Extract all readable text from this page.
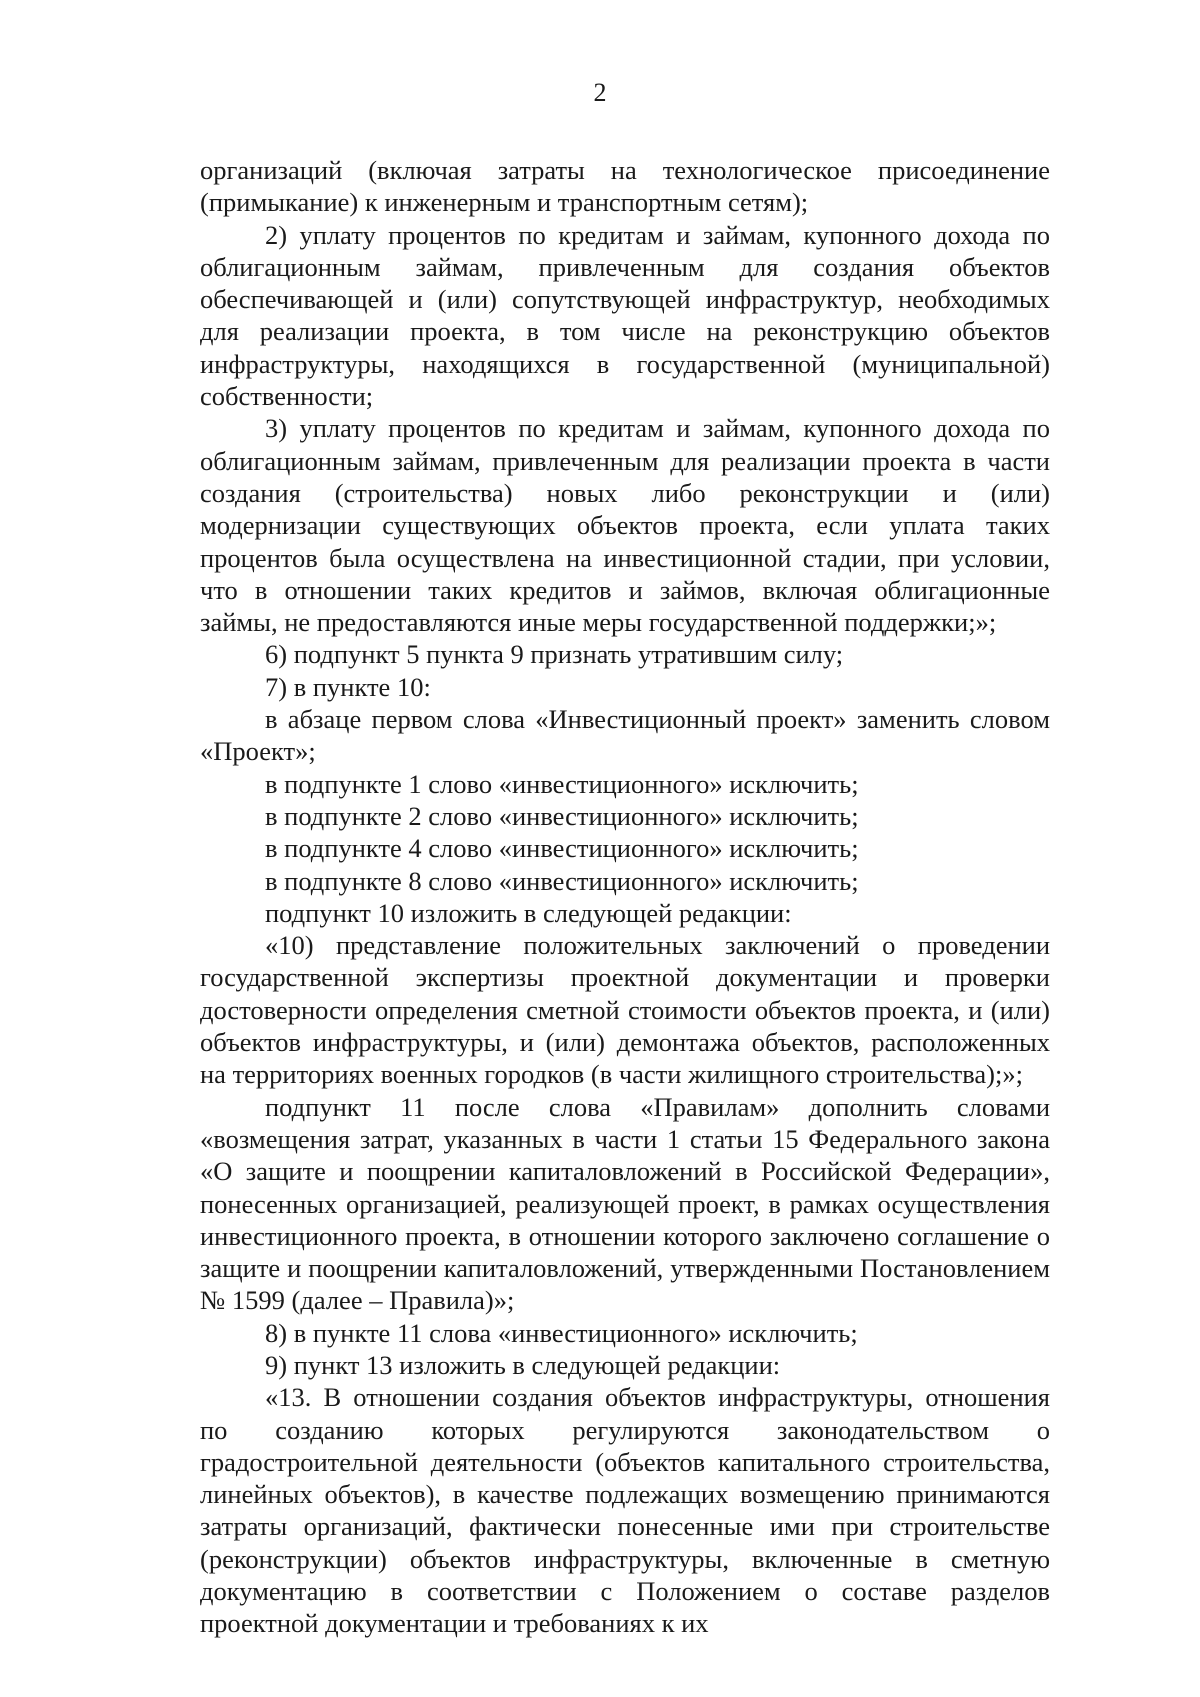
2

организаций (включая затраты на технологическое присоединение (примыкание) к инженерным и транспортным сетям);

2) уплату процентов по кредитам и займам, купонного дохода по облигационным займам, привлеченным для создания объектов обеспечивающей и (или) сопутствующей инфраструктур, необходимых для реализации проекта, в том числе на реконструкцию объектов инфраструктуры, находящихся в государственной (муниципальной) собственности;

3) уплату процентов по кредитам и займам, купонного дохода по облигационным займам, привлеченным для реализации проекта в части создания (строительства) новых либо реконструкции и (или) модернизации существующих объектов проекта, если уплата таких процентов была осуществлена на инвестиционной стадии, при условии, что в отношении таких кредитов и займов, включая облигационные займы, не предоставляются иные меры государственной поддержки;»;

6) подпункт 5 пункта 9 признать утратившим силу;

7) в пункте 10:

в абзаце первом слова «Инвестиционный проект» заменить словом «Проект»;

в подпункте 1 слово «инвестиционного» исключить;

в подпункте 2 слово «инвестиционного» исключить;

в подпункте 4 слово «инвестиционного» исключить;

в подпункте 8 слово «инвестиционного» исключить;

подпункт 10 изложить в следующей редакции:

«10) представление положительных заключений о проведении государственной экспертизы проектной документации и проверки достоверности определения сметной стоимости объектов проекта, и (или) объектов инфраструктуры, и (или) демонтажа объектов, расположенных на территориях военных городков (в части жилищного строительства);»;

подпункт 11 после слова «Правилам» дополнить словами «возмещения затрат, указанных в части 1 статьи 15 Федерального закона «О защите и поощрении капиталовложений в Российской Федерации», понесенных организацией, реализующей проект, в рамках осуществления инвестиционного проекта, в отношении которого заключено соглашение о защите и поощрении капиталовложений, утвержденными Постановлением № 1599 (далее – Правила)»;

8) в пункте 11 слова «инвестиционного» исключить;

9) пункт 13 изложить в следующей редакции:

«13. В отношении создания объектов инфраструктуры, отношения по созданию которых регулируются законодательством о градостроительной деятельности (объектов капитального строительства, линейных объектов), в качестве подлежащих возмещению принимаются затраты организаций, фактически понесенные ими при строительстве (реконструкции) объектов инфраструктуры, включенные в сметную документацию в соответствии с Положением о составе разделов проектной документации и требованиях к их
